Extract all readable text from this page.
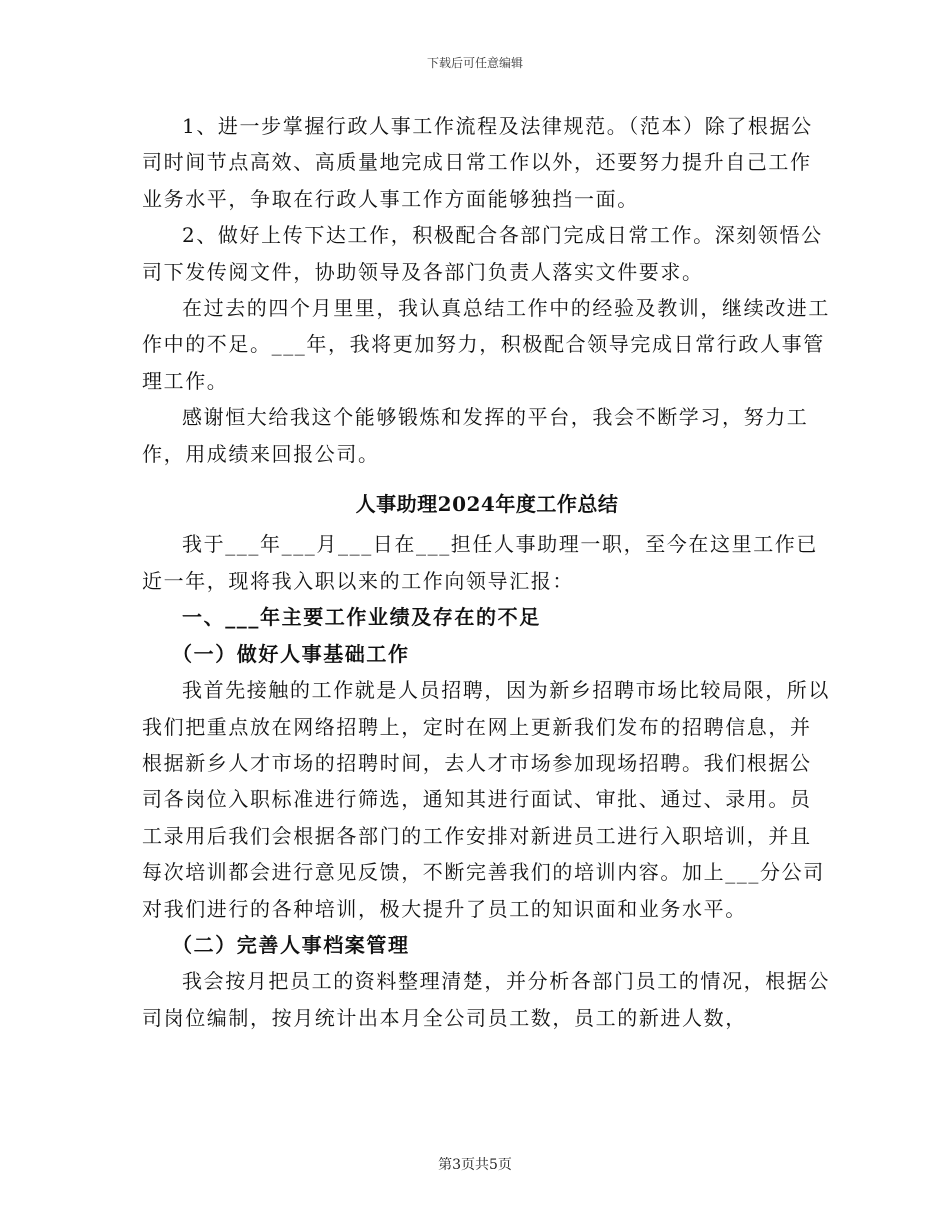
下载后可任意编辑

1、进一步掌握行政人事工作流程及法律规范。（范本）除了根据公司时间节点高效、高质量地完成日常工作以外，还要努力提升自己工作业务水平，争取在行政人事工作方面能够独挡一面。

2、做好上传下达工作，积极配合各部门完成日常工作。深刻领悟公司下发传阅文件，协助领导及各部门负责人落实文件要求。

在过去的四个月里里，我认真总结工作中的经验及教训，继续改进工作中的不足。___年，我将更加努力，积极配合领导完成日常行政人事管理工作。

感谢恒大给我这个能够锻炼和发挥的平台，我会不断学习，努力工作，用成绩来回报公司。

人事助理2024年度工作总结

我于___年___月___日在___担任人事助理一职，至今在这里工作已近一年，现将我入职以来的工作向领导汇报：

一、___年主要工作业绩及存在的不足

（一）做好人事基础工作

我首先接触的工作就是人员招聘，因为新乡招聘市场比较局限，所以我们把重点放在网络招聘上，定时在网上更新我们发布的招聘信息，并根据新乡人才市场的招聘时间，去人才市场参加现场招聘。我们根据公司各岗位入职标准进行筛选，通知其进行面试、审批、通过、录用。员工录用后我们会根据各部门的工作安排对新进员工进行入职培训，并且每次培训都会进行意见反馈，不断完善我们的培训内容。加上___分公司对我们进行的各种培训，极大提升了员工的知识面和业务水平。

（二）完善人事档案管理

我会按月把员工的资料整理清楚，并分析各部门员工的情况，根据公司岗位编制，按月统计出本月全公司员工数，员工的新进人数，

第3页共5页
